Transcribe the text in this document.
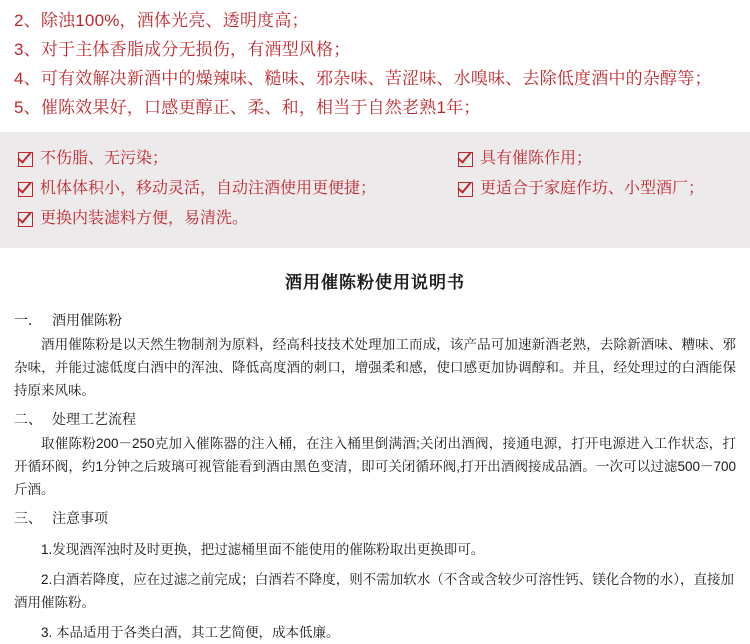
2、除浊100%，酒体光亮、透明度高；
3、对于主体香脂成分无损伤，有酒型风格；
4、可有效解决新酒中的燥辣味、糙味、邪杂味、苦涩味、水嗅味、去除低度酒中的杂醇等；
5、催陈效果好，口感更醇正、柔、和，相当于自然老熟1年；
不伤脂、无污染；
机体体积小，移动灵活，自动注酒使用更便捷；
更换内装滤料方便，易清洗。
具有催陈作用；
更适合于家庭作坊、小型酒厂；
酒用催陈粉使用说明书
一． 酒用催陈粉
酒用催陈粉是以天然生物制剂为原料，经高科技技术处理加工而成，该产品可加速新酒老熟，去除新酒味、糟味、邪杂味，并能过滤低度白酒中的浑浊、降低高度酒的刺口，增强柔和感，使口感更加协调醇和。并且，经处理过的白酒能保持原来风味。
二、 处理工艺流程
取催陈粉200－250克加入催陈器的注入桶，在注入桶里倒满酒;关闭出酒阀，接通电源，打开电源进入工作状态，打开循环阀，约1分钟之后玻璃可视管能看到酒由黑色变清，即可关闭循环阀,打开出酒阀接成品酒。一次可以过滤500－700斤酒。
三、 注意事项
1.发现酒浑浊时及时更换，把过滤桶里面不能使用的催陈粉取出更换即可。
2.白酒若降度，应在过滤之前完成；白酒若不降度，则不需加软水（不含或含较少可溶性钙、镁化合物的水），直接加酒用催陈粉。
3. 本品适用于各类白酒，其工艺简便，成本低廉。
